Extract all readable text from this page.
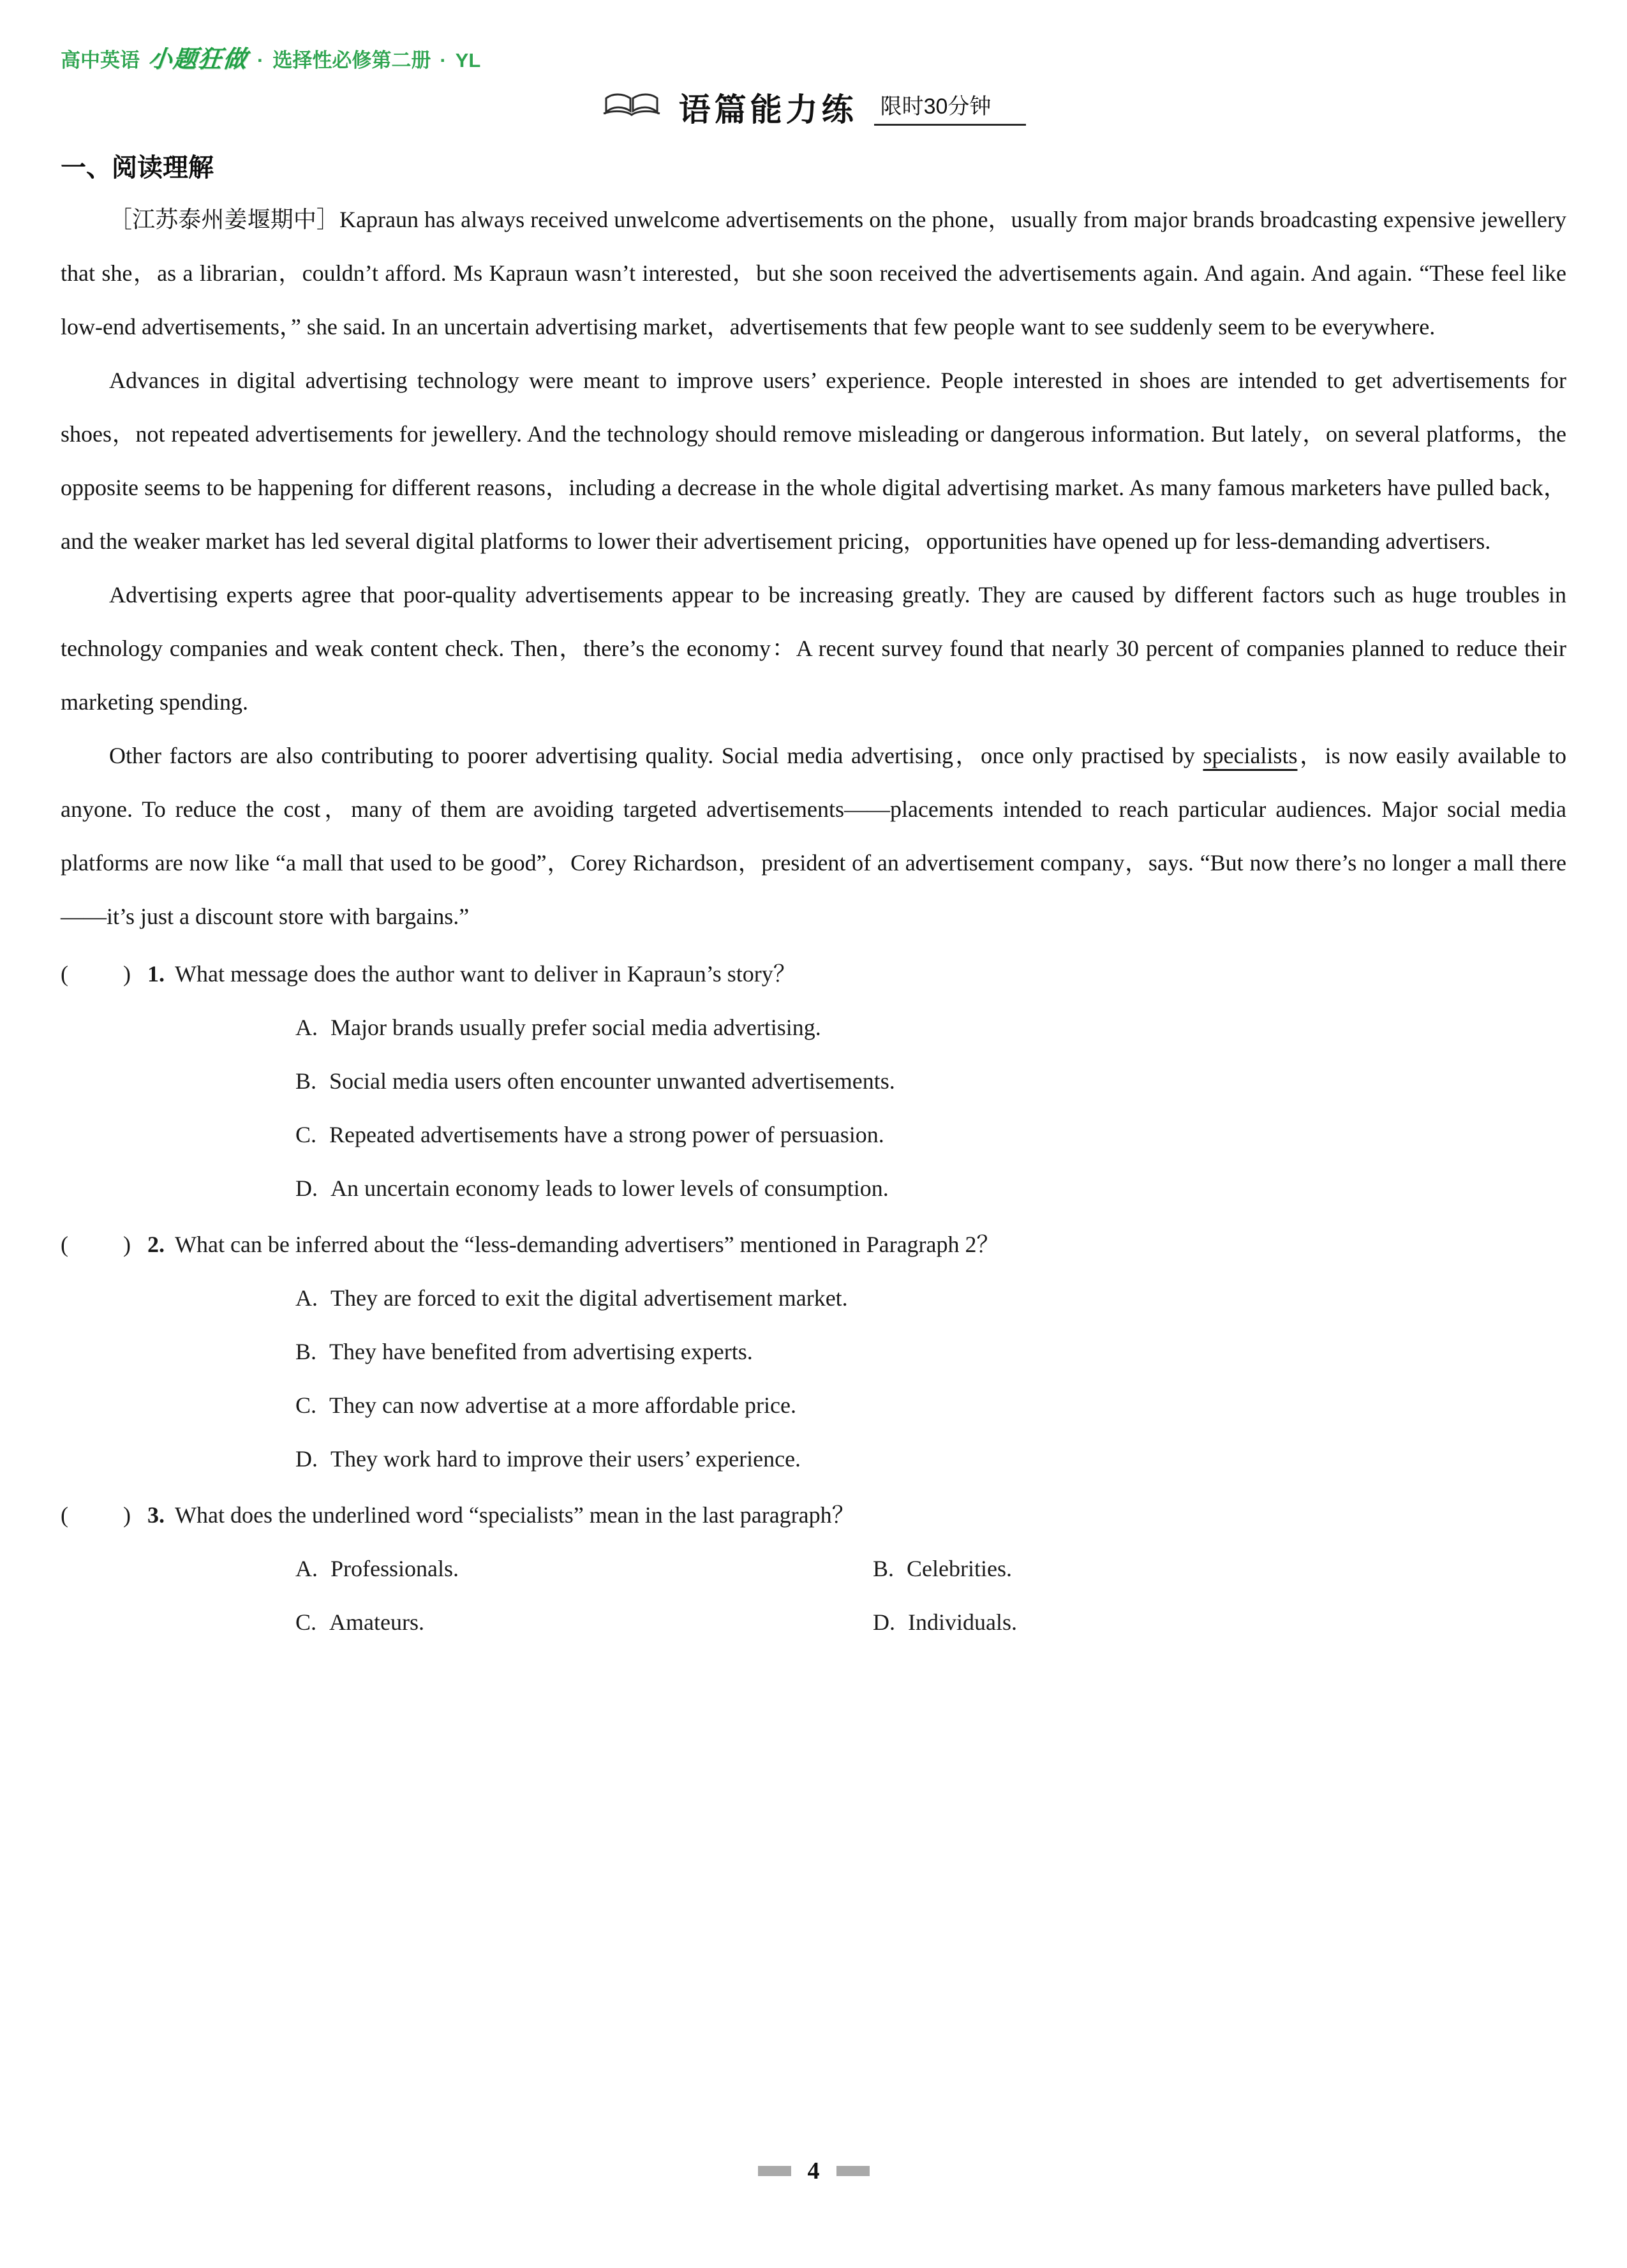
高中英语 小题狂做 · 选择性必修第二册 · YL
语篇能力练 限时30分钟
一、阅读理解

［江苏泰州姜堰期中］Kapraun has always received unwelcome advertisements on the phone，usually from major brands broadcasting expensive jewellery that she，as a librarian，couldn’t afford. Ms Kapraun wasn’t interested，but she soon received the advertisements again. And again. And again. “These feel like low-end advertisements，” she said. In an uncertain advertising market，advertisements that few people want to see suddenly seem to be everywhere.

Advances in digital advertising technology were meant to improve users’ experience. People interested in shoes are intended to get advertisements for shoes，not repeated advertisements for jewellery. And the technology should remove misleading or dangerous information. But lately，on several platforms，the opposite seems to be happening for different reasons，including a decrease in the whole digital advertising market. As many famous marketers have pulled back，and the weaker market has led several digital platforms to lower their advertisement pricing，opportunities have opened up for less-demanding advertisers.

Advertising experts agree that poor-quality advertisements appear to be increasing greatly. They are caused by different factors such as huge troubles in technology companies and weak content check. Then，there’s the economy：A recent survey found that nearly 30 percent of companies planned to reduce their marketing spending.

Other factors are also contributing to poorer advertising quality. Social media advertising，once only practised by specialists，is now easily available to anyone. To reduce the cost，many of them are avoiding targeted advertisements——placements intended to reach particular audiences. Major social media platforms are now like “a mall that used to be good”，Corey Richardson，president of an advertisement company，says. “But now there’s no longer a mall there——it’s just a discount store with bargains.”

( ) 1. What message does the author want to deliver in Kapraun’s story？
A. Major brands usually prefer social media advertising.
B. Social media users often encounter unwanted advertisements.
C. Repeated advertisements have a strong power of persuasion.
D. An uncertain economy leads to lower levels of consumption.
( ) 2. What can be inferred about the “less-demanding advertisers” mentioned in Paragraph 2？
A. They are forced to exit the digital advertisement market.
B. They have benefited from advertising experts.
C. They can now advertise at a more affordable price.
D. They work hard to improve their users’ experience.
( ) 3. What does the underlined word “specialists” mean in the last paragraph？
A. Professionals.	B. Celebrities.
C. Amateurs.	D. Individuals.
4
